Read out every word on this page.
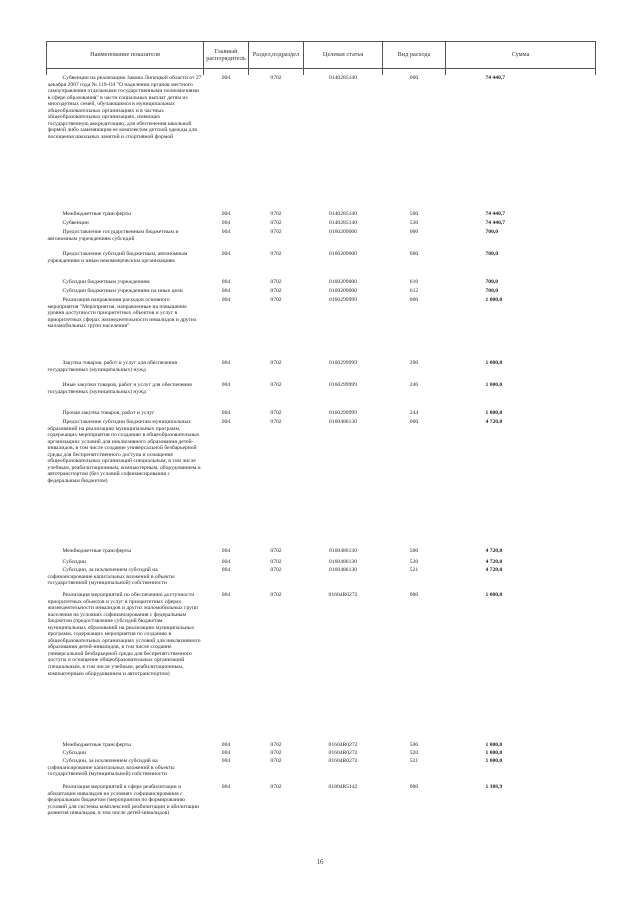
Наименование показателя	Главный распорядитель	Раздел,подраздел	Целевая статья	Вид расхода	Сумма

Субвенции на реализацию Закона Липецкой области от 27 декабря 2007 года № 119-ОЗ "О наделении органов местного самоуправления отдельными государственными полномочиями в сфере образования" в части социальных выплат детям из многодетных семей, обучающимся в муниципальных общеобразовательных организациях и в частных общеобразовательных организациях, имеющих государственную аккредитацию, для обеспечения школьной формой либо заменяющим ее комплектом детской одежды для посещения школьных занятий и спортивной формой	004	0702	0140285140	000	74 440,7
Межбюджетные трансферты	004	0702	0140285140	500	74 440,7
Субвенции	004	0702	0140285140	530	74 440,7
Предоставление государственным бюджетным и автономным учреждениям субсидий	004	0702	0160209000	000	700,0
Предоставление субсидий бюджетным, автономным учреждениям и иным некоммерческим организациям	004	0702	0160209000	600	700,0
Субсидии бюджетным учреждениям	004	0702	0160209000	610	700,0
Субсидии бюджетным учреждениям на иные цели	004	0702	0160209000	612	700,0
Реализация направления расходов основного мероприятия "Мероприятия, направленные на повышение уровня доступности приоритетных объектов и услуг в приоритетных сферах жизнедеятельности инвалидов и других маломобильных групп населения"	004	0702	0160299999	000	1 000,0
Закупка товаров, работ и услуг для обеспечения государственных (муниципальных) нужд	004	0702	0160299999	200	1 000,0
Иные закупки товаров, работ и услуг для обеспечения государственных (муниципальных) нужд	004	0702	0160299999	240	1 000,0
Прочая закупка товаров, работ и услуг	004	0702	0160299999	244	1 000,0
Предоставление субсидии бюджетам муниципальных образований на реализацию муниципальных программ, содержащих мероприятия по созданию в общеобразовательных организациях условий для инклюзивного образования детей-инвалидов, в том числе создание универсальной безбарьерной среды для беспрепятственного доступа и оснащение общеобразовательных организаций специальным, в том числе учебным, реабилитационным, компьютерным, оборудованием и автотранспортом (без условий софинансирования с федеральным бюджетом)	004	0702	0160486130	000	4 720,0
Межбюджетные трансферты	004	0702	0160486130	500	4 720,0
Субсидии	004	0702	0160486130	520	4 720,0
Субсидии, за исключением субсидий на софинансирование капитальных вложений в объекты государственной (муниципальной) собственности	004	0702	0160486130	521	4 720,0

Реализация мероприятий по обеспечению доступности приоритетных объектов и услуг в приоритетных сферах жизнедеятельности инвалидов и других маломобильных групп населения на условиях софинансирования с федеральным бюджетом (предоставление субсидий бюджетам муниципальных образований на реализацию муниципальных программ, содержащих мероприятия по созданию в общеобразовательных организациях условий для инклюзивного образования детей-инвалидов, в том числе создание универсальной безбарьерной среды для беспрепятственного доступа и оснащение общеобразовательных организаций специальным, в том числе учебным, реабилитационным, компьютерным оборудованием и автотранспортом)	004	0702	01604R0272	000	1 000,0
Межбюджетные трансферты	004	0702	01604R0272	500	1 000,0
Субсидии	004	0702	01604R0272	520	1 000,0
Субсидии, за исключением субсидий на софинансирование капитальных вложений в объекты государственной (муниципальной) собственности	004	0702	01604R0272	521	1 000,0
Реализация мероприятий в сфере реабилитации и абилитации инвалидов на условиях софинансирования с федеральным бюджетом (мероприятия по формированию условий для системы комплексной реабилитации и абилитации развития инвалидов, в том числе детей-инвалидов)	004	0702	01804R5142	000	1 388,9
16
